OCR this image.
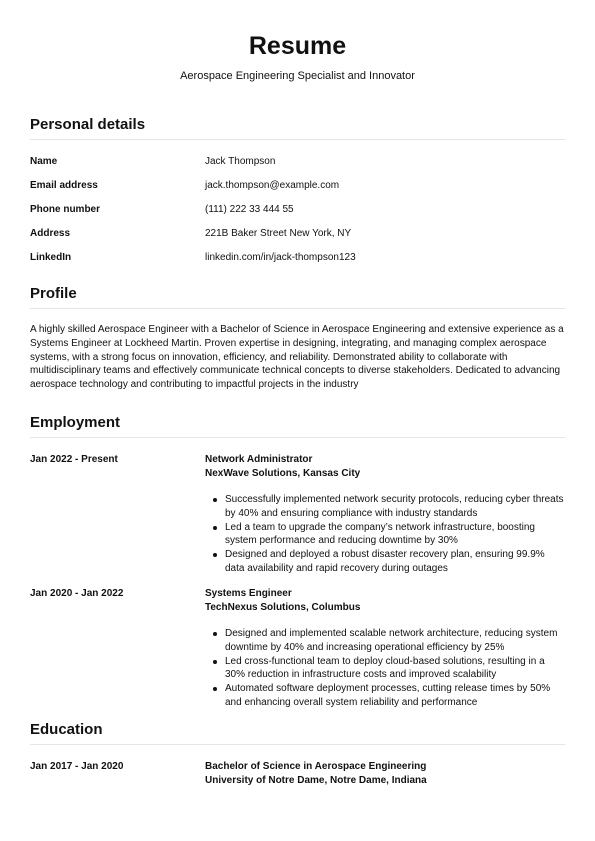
Resume
Aerospace Engineering Specialist and Innovator
Personal details
Name	Jack Thompson
Email address	jack.thompson@example.com
Phone number	(111) 222 33 444 55
Address	221B Baker Street New York, NY
LinkedIn	linkedin.com/in/jack-thompson123
Profile

A highly skilled Aerospace Engineer with a Bachelor of Science in Aerospace Engineering and extensive experience as a Systems Engineer at Lockheed Martin. Proven expertise in designing, integrating, and managing complex aerospace systems, with a strong focus on innovation, efficiency, and reliability. Demonstrated ability to collaborate with multidisciplinary teams and effectively communicate technical concepts to diverse stakeholders. Dedicated to advancing aerospace technology and contributing to impactful projects in the industry

Employment
Jan 2022 - Present	Network Administrator
NexWave Solutions, Kansas City
Successfully implemented network security protocols, reducing cyber threats by 40% and ensuring compliance with industry standards
Led a team to upgrade the company’s network infrastructure, boosting system performance and reducing downtime by 30%
Designed and deployed a robust disaster recovery plan, ensuring 99.9% data availability and rapid recovery during outages
Jan 2020 - Jan 2022	Systems Engineer
TechNexus Solutions, Columbus
Designed and implemented scalable network architecture, reducing system downtime by 40% and increasing operational efficiency by 25%
Led cross-functional team to deploy cloud-based solutions, resulting in a 30% reduction in infrastructure costs and improved scalability
Automated software deployment processes, cutting release times by 50% and enhancing overall system reliability and performance
Education
Jan 2017 - Jan 2020	Bachelor of Science in Aerospace Engineering
University of Notre Dame, Notre Dame, Indiana
